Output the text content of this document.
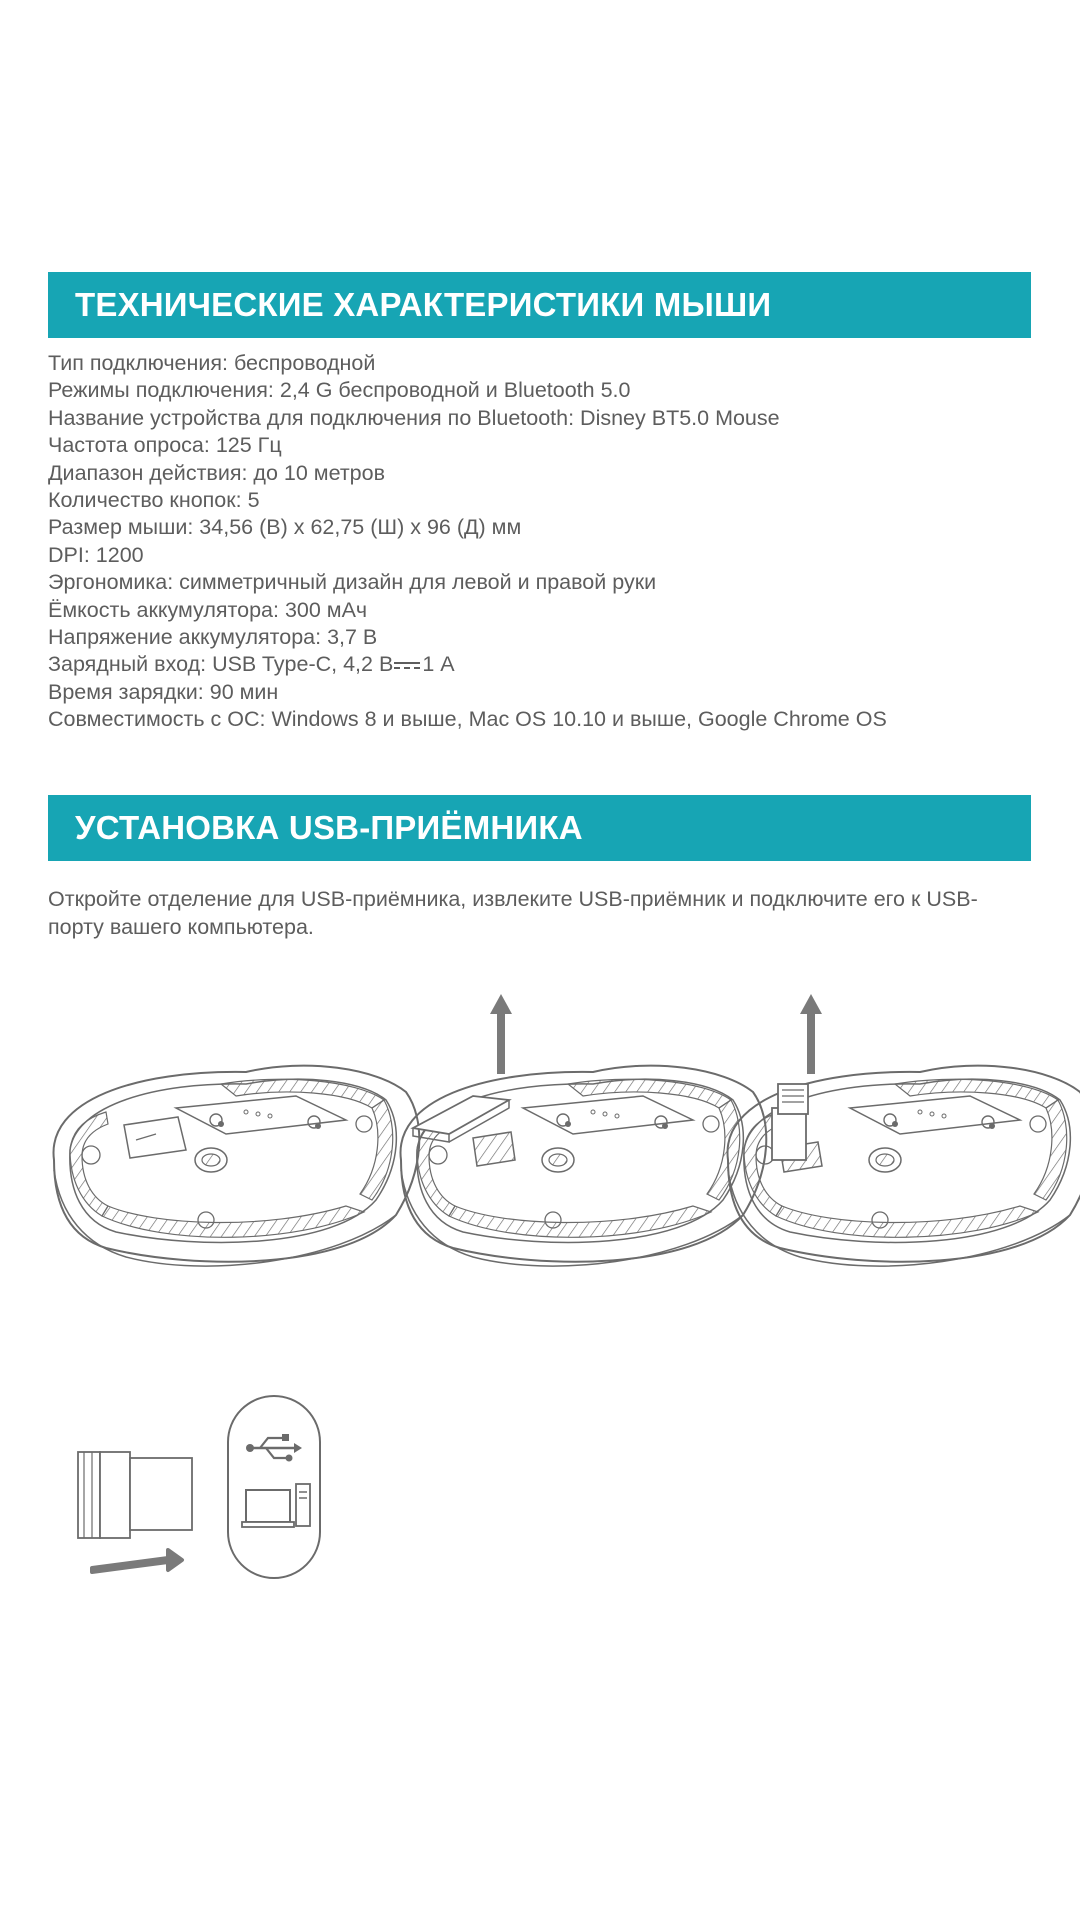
ТЕХНИЧЕСКИЕ ХАРАКТЕРИСТИКИ МЫШИ
Тип подключения: беспроводной
Режимы подключения: 2,4 G беспроводной и Bluetooth 5.0
Название устройства для подключения по Bluetooth: Disney BT5.0 Mouse
Частота опроса: 125 Гц
Диапазон действия: до 10 метров
Количество кнопок: 5
Размер мыши: 34,56 (В) x 62,75 (Ш) x 96 (Д) мм
DPI: 1200
Эргономика: симметричный дизайн для левой и правой руки
Ёмкость аккумулятора: 300 мАч
Напряжение аккумулятора: 3,7 В
Зарядный вход: USB Type-C, 4,2 В 1 А
Время зарядки: 90 мин
Совместимость с ОС: Windows 8 и выше, Mac OS 10.10 и выше, Google Chrome OS
УСТАНОВКА USB-ПРИЁМНИКА

Откройте отделение для USB-приёмника, извлеките USB-приёмник и подключите его к USB-порту вашего компьютера.
